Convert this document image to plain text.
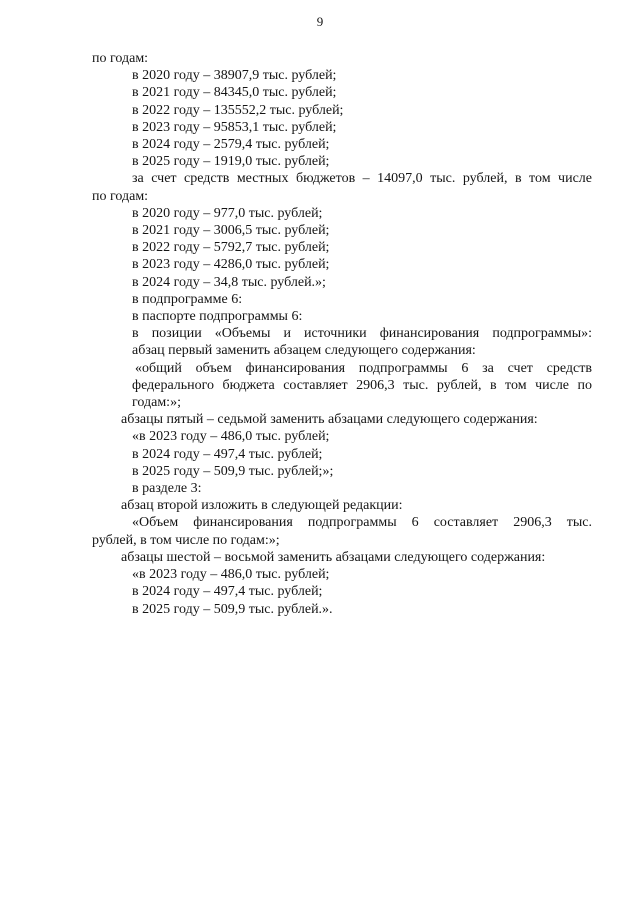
9
по годам:
в 2020 году – 38907,9 тыс. рублей;
в 2021 году – 84345,0 тыс. рублей;
в 2022 году – 135552,2 тыс. рублей;
в 2023 году – 95853,1 тыс. рублей;
в 2024 году – 2579,4 тыс. рублей;
в 2025 году – 1919,0 тыс. рублей;
за счет средств местных бюджетов – 14097,0 тыс. рублей, в том числе
по годам:
в 2020 году – 977,0 тыс. рублей;
в 2021 году – 3006,5 тыс. рублей;
в 2022 году – 5792,7 тыс. рублей;
в 2023 году – 4286,0 тыс. рублей;
в 2024 году – 34,8 тыс. рублей.»;
в подпрограмме 6:
в паспорте подпрограммы 6:
в позиции «Объемы и источники финансирования подпрограммы»:
абзац первый заменить абзацем следующего содержания:
«общий объем финансирования подпрограммы 6 за счет средств
федерального бюджета составляет 2906,3 тыс. рублей, в том числе по
годам:»;
абзацы пятый – седьмой заменить абзацами следующего содержания:
«в 2023 году – 486,0 тыс. рублей;
в 2024 году – 497,4 тыс. рублей;
в 2025 году – 509,9 тыс. рублей;»;
в разделе 3:
абзац второй изложить в следующей редакции:
«Объем финансирования подпрограммы 6 составляет 2906,3 тыс.
рублей, в том числе по годам:»;
абзацы шестой – восьмой заменить абзацами следующего содержания:
«в 2023 году – 486,0 тыс. рублей;
в 2024 году – 497,4 тыс. рублей;
в 2025 году – 509,9 тыс. рублей.».
